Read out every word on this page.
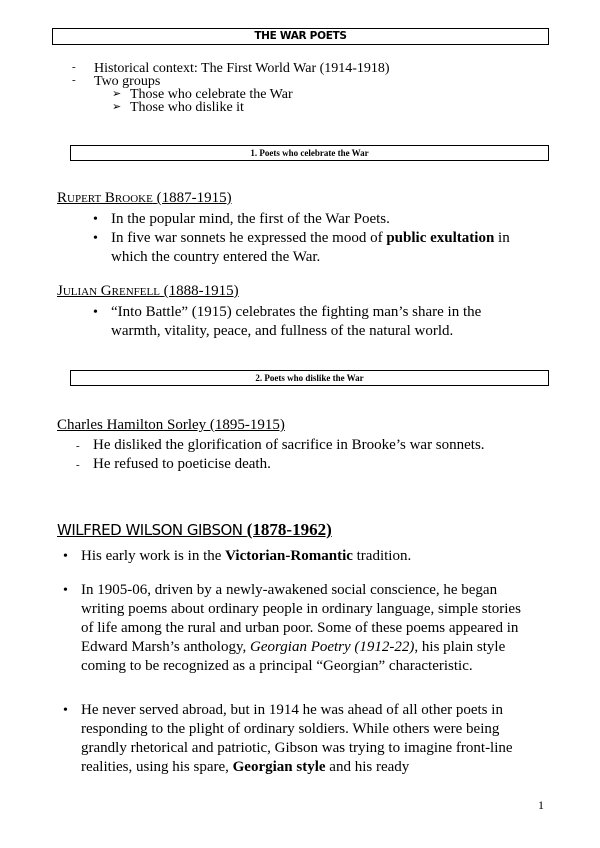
THE WAR POETS
- Historical context: The First World War (1914-1918)
- Two groups
➢ Those who celebrate the War
➢ Those who dislike it
1. Poets who celebrate the War
Rupert Brooke (1887-1915)
• In the popular mind, the first of the War Poets.
• In five war sonnets he expressed the mood of public exultation in which the country entered the War.
Julian Grenfell (1888-1915)
• “Into Battle” (1915) celebrates the fighting man’s share in the warmth, vitality, peace, and fullness of the natural world.
2. Poets who dislike the War
Charles Hamilton Sorley (1895-1915)
- He disliked the glorification of sacrifice in Brooke’s war sonnets.
- He refused to poeticise death.
WILFRED WILSON GIBSON (1878-1962)
• His early work is in the Victorian-Romantic tradition.
• In 1905-06, driven by a newly-awakened social conscience, he began writing poems about ordinary people in ordinary language, simple stories of life among the rural and urban poor. Some of these poems appeared in Edward Marsh’s anthology, Georgian Poetry (1912-22), his plain style coming to be recognized as a principal “Georgian” characteristic.
• He never served abroad, but in 1914 he was ahead of all other poets in responding to the plight of ordinary soldiers. While others were being grandly rhetorical and patriotic, Gibson was trying to imagine front-line realities, using his spare, Georgian style and his ready
1
